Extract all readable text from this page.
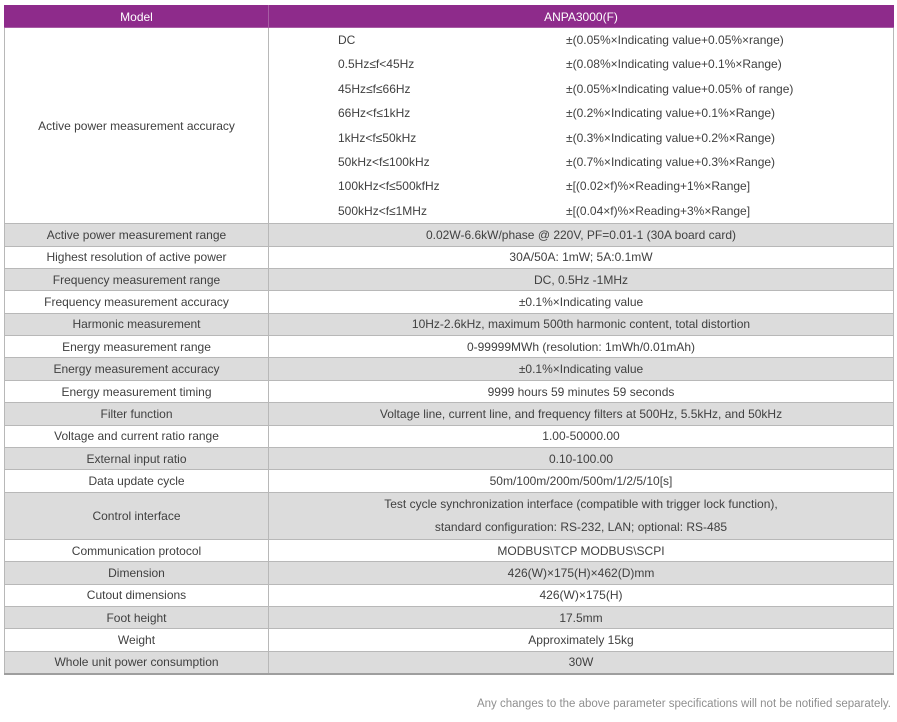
Model	ANPA3000(F)
Active power measurement accuracy	
DC	±(0.05%×Indicating value+0.05%×range)
0.5Hz≤f<45Hz	±(0.08%×Indicating value+0.1%×Range)
45Hz≤f≤66Hz	±(0.05%×Indicating value+0.05% of range)
66Hz<f≤1kHz	±(0.2%×Indicating value+0.1%×Range)
1kHz<f≤50kHz	±(0.3%×Indicating value+0.2%×Range)
50kHz<f≤100kHz	±(0.7%×Indicating value+0.3%×Range)
100kHz<f≤500kfHz	±[(0.02×f)%×Reading+1%×Range]
500kHz<f≤1MHz	±[(0.04×f)%×Reading+3%×Range]

Active power measurement range	0.02W-6.6kW/phase @ 220V, PF=0.01-1 (30A board card)
Highest resolution of active power	30A/50A: 1mW; 5A:0.1mW
Frequency measurement range	DC, 0.5Hz -1MHz
Frequency measurement accuracy	±0.1%×Indicating value
Harmonic measurement	10Hz-2.6kHz, maximum 500th harmonic content, total distortion
Energy measurement range	0-99999MWh (resolution: 1mWh/0.01mAh)
Energy measurement accuracy	±0.1%×Indicating value
Energy measurement timing	9999 hours 59 minutes 59 seconds
Filter function	Voltage line, current line, and frequency filters at 500Hz, 5.5kHz, and 50kHz
Voltage and current ratio range	1.00-50000.00
External input ratio	0.10-100.00
Data update cycle	50m/100m/200m/500m/1/2/5/10[s]
Control interface	Test cycle synchronization interface (compatible with trigger lock function),
standard configuration: RS-232, LAN; optional: RS-485

Communication protocol	MODBUS\TCP MODBUS\SCPI
Dimension	426(W)×175(H)×462(D)mm
Cutout dimensions	426(W)×175(H)
Foot height	17.5mm
Weight	Approximately 15kg
Whole unit power consumption	30W
Any changes to the above parameter specifications will not be notified separately.
